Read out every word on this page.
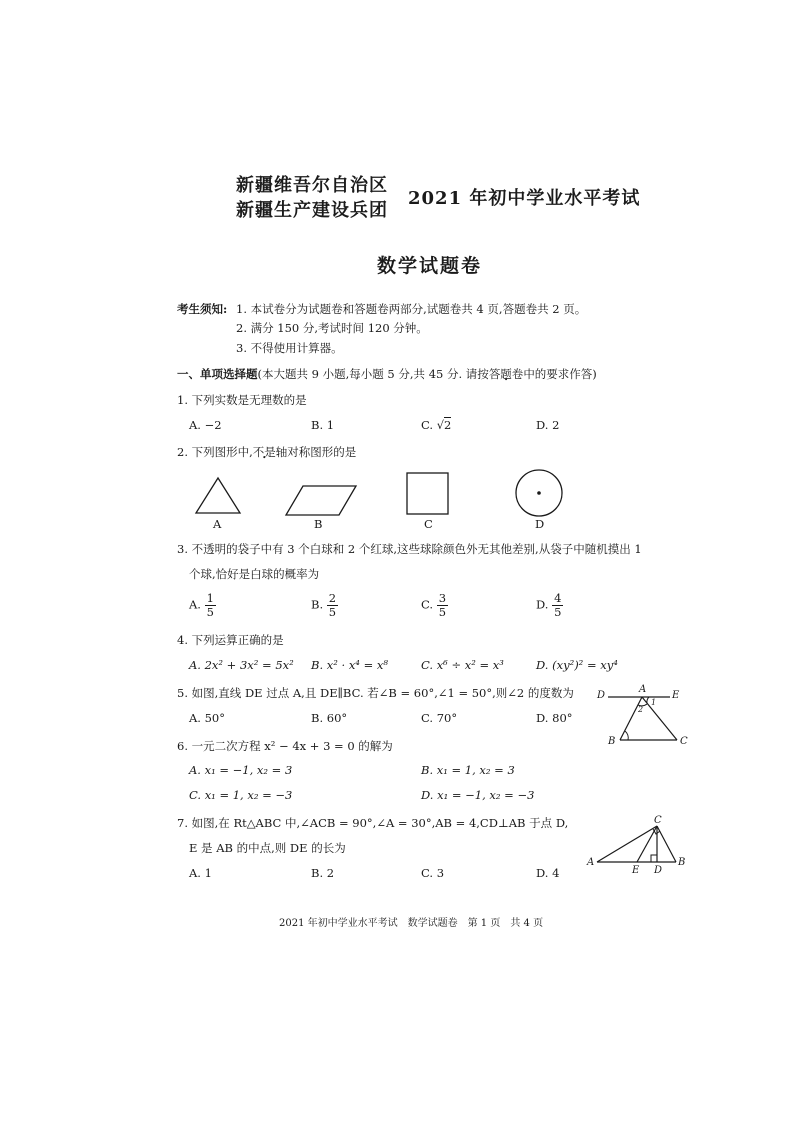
新疆维吾尔自治区
新疆生产建设兵团
2021 年初中学业水平考试
数学试题卷
考生须知: 1. 本试卷分为试题卷和答题卷两部分,试题卷共 4 页,答题卷共 2 页。
2. 满分 150 分,考试时间 120 分钟。
3. 不得使用计算器。
一、单项选择题(本大题共 9 小题,每小题 5 分,共 45 分. 请按答题卷中的要求作答)
1. 下列实数是无理数的是
A. −2	B. 1	C. √2	D. 2
2. 下列图形中,不是轴对称图形的是
A	B	C	D
3. 不透明的袋子中有 3 个白球和 2 个红球,这些球除颜色外无其他差别,从袋子中随机摸出 1
个球,恰好是白球的概率为
A. $\frac{1}{5}$	B. $\frac{2}{5}$	C. $\frac{3}{5}$	D. $\frac{4}{5}$
4. 下列运算正确的是
A. 2x² + 3x² = 5x² B. x² · x⁴ = x⁸	C. x⁶ ÷ x² = x³	D. (xy²)² = xy⁴
5. 如图,直线 DE 过点 A,且 DE∥BC. 若∠B = 60°,∠1 = 50°,则∠2 的度数为
A. 50°	B. 60°	C. 70°	D. 80°
D
A
E
B	C
1
2
6. 一元二次方程 x² − 4x + 3 = 0 的解为
A. x₁ = −1, x₂ = 3	B. x₁ = 1, x₂ = 3
C. x₁ = 1, x₂ = −3	D. x₁ = −1, x₂ = −3
7. 如图,在 Rt△ABC 中,∠ACB = 90°,∠A = 30°,AB = 4,CD⊥AB 于点 D,
E 是 AB 的中点,则 DE 的长为
A. 1	B. 2	C. 3	D. 4
A	B
C
D
E
2021 年初中学业水平考试　数学试题卷　第 1 页　共 4 页
